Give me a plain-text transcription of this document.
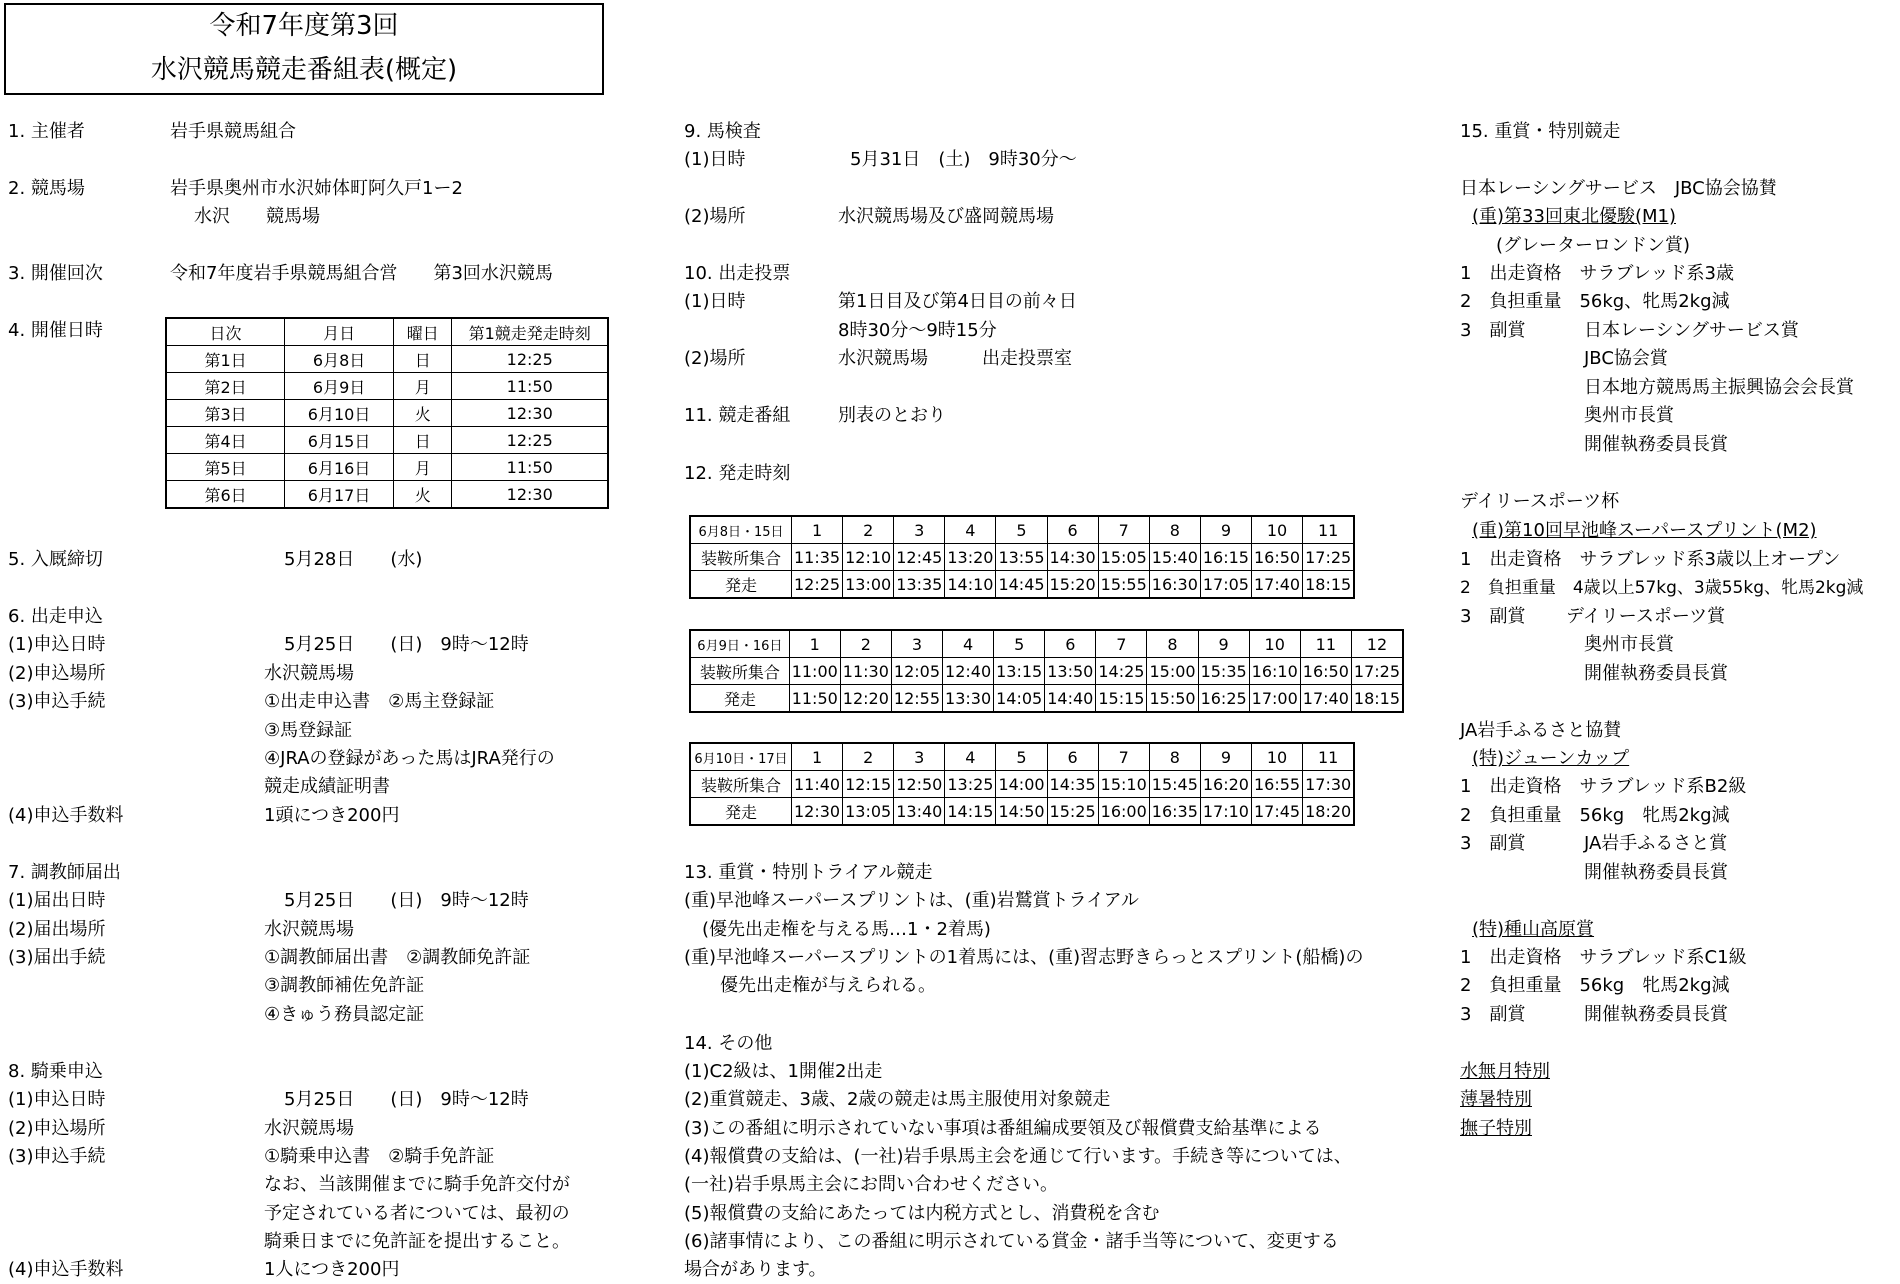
令和7年度第3回
水沢競馬競走番組表(概定)
1. 主催者	岩手県競馬組合
2. 競馬場	岩手県奥州市水沢姉体町阿久戸1ー2
水沢　　競馬場
3. 開催回次	令和7年度岩手県競馬組合営　　第3回水沢競馬
4. 開催日時	日次	月日	曜日	第1競走発走時刻
第1日	6月8日	日	12:25
第2日	6月9日	月	11:50
第3日	6月10日	火	12:30
第4日	6月15日	日	12:25
第5日	6月16日	月	11:50
第6日	6月17日	火	12:30
5. 入厩締切	5月28日　　(水)
6. 出走申込
(1)申込日時	5月25日　　(日)　9時～12時
(2)申込場所	水沢競馬場
(3)申込手続	①出走申込書　②馬主登録証
③馬登録証
④JRAの登録があった馬はJRA発行の
競走成績証明書
(4)申込手数料	1頭につき200円
7. 調教師届出
(1)届出日時	5月25日　　(日)　9時～12時
(2)届出場所	水沢競馬場
(3)届出手続	①調教師届出書　②調教師免許証
③調教師補佐免許証
④きゅう務員認定証
8. 騎乗申込
(1)申込日時	5月25日　　(日)　9時～12時
(2)申込場所	水沢競馬場
(3)申込手続	①騎乗申込書　②騎手免許証
なお、当該開催までに騎手免許交付が
予定されている者については、最初の
騎乗日までに免許証を提出すること。
(4)申込手数料	1人につき200円
9. 馬検査
(1)日時	5月31日　(土)　9時30分～
(2)場所	水沢競馬場及び盛岡競馬場
10. 出走投票
(1)日時	第1日目及び第4日目の前々日
8時30分～9時15分
(2)場所	水沢競馬場　　　出走投票室
11. 競走番組	別表のとおり
12. 発走時刻
6月8日・15日	1	2	3	4	5	6	7	8	9	10	11
装鞍所集合	11:35	12:10	12:45	13:20	13:55	14:30	15:05	15:40	16:15	16:50	17:25
発走	12:25	13:00	13:35	14:10	14:45	15:20	15:55	16:30	17:05	17:40	18:15
6月9日・16日	1	2	3	4	5	6	7	8	9	10	11	12
装鞍所集合	11:00	11:30	12:05	12:40	13:15	13:50	14:25	15:00	15:35	16:10	16:50	17:25
発走	11:50	12:20	12:55	13:30	14:05	14:40	15:15	15:50	16:25	17:00	17:40	18:15
6月10日・17日	1	2	3	4	5	6	7	8	9	10	11
装鞍所集合	11:40	12:15	12:50	13:25	14:00	14:35	15:10	15:45	16:20	16:55	17:30
発走	12:30	13:05	13:40	14:15	14:50	15:25	16:00	16:35	17:10	17:45	18:20
13. 重賞・特別トライアル競走
(重)早池峰スーパースプリントは、(重)岩鷲賞トライアル
(優先出走権を与える馬…1・2着馬)
(重)早池峰スーパースプリントの1着馬には、(重)習志野きらっとスプリント(船橋)の
優先出走権が与えられる。
14. その他
(1)C2級は、1開催2出走
(2)重賞競走、3歳、2歳の競走は馬主服使用対象競走
(3)この番組に明示されていない事項は番組編成要領及び報償費支給基準による
(4)報償費の支給は、(一社)岩手県馬主会を通じて行います。手続き等については、
(一社)岩手県馬主会にお問い合わせください。
(5)報償費の支給にあたっては内税方式とし、消費税を含む
(6)諸事情により、この番組に明示されている賞金・諸手当等について、変更する
場合があります。
15. 重賞・特別競走
日本レーシングサービス　JBC協会協賛
(重)第33回東北優駿(M1)
(グレーターロンドン賞)
1　出走資格　サラブレッド系3歳
2　負担重量　56kg、牝馬2kg減
3　副賞	日本レーシングサービス賞
JBC協会賞
日本地方競馬馬主振興協会会長賞
奥州市長賞
開催執務委員長賞
デイリースポーツ杯
(重)第10回早池峰スーパースプリント(M2)
1　出走資格　サラブレッド系3歳以上オープン
2　負担重量　4歳以上57kg、3歳55kg、牝馬2kg減
3　副賞 デイリースポーツ賞
奥州市長賞
開催執務委員長賞
JA岩手ふるさと協賛
(特)ジューンカップ
1　出走資格　サラブレッド系B2級
2　負担重量　56kg　牝馬2kg減
3　副賞	JA岩手ふるさと賞
開催執務委員長賞
(特)種山高原賞
1　出走資格　サラブレッド系C1級
2　負担重量　56kg　牝馬2kg減
3　副賞	開催執務委員長賞
水無月特別
薄暑特別
撫子特別
